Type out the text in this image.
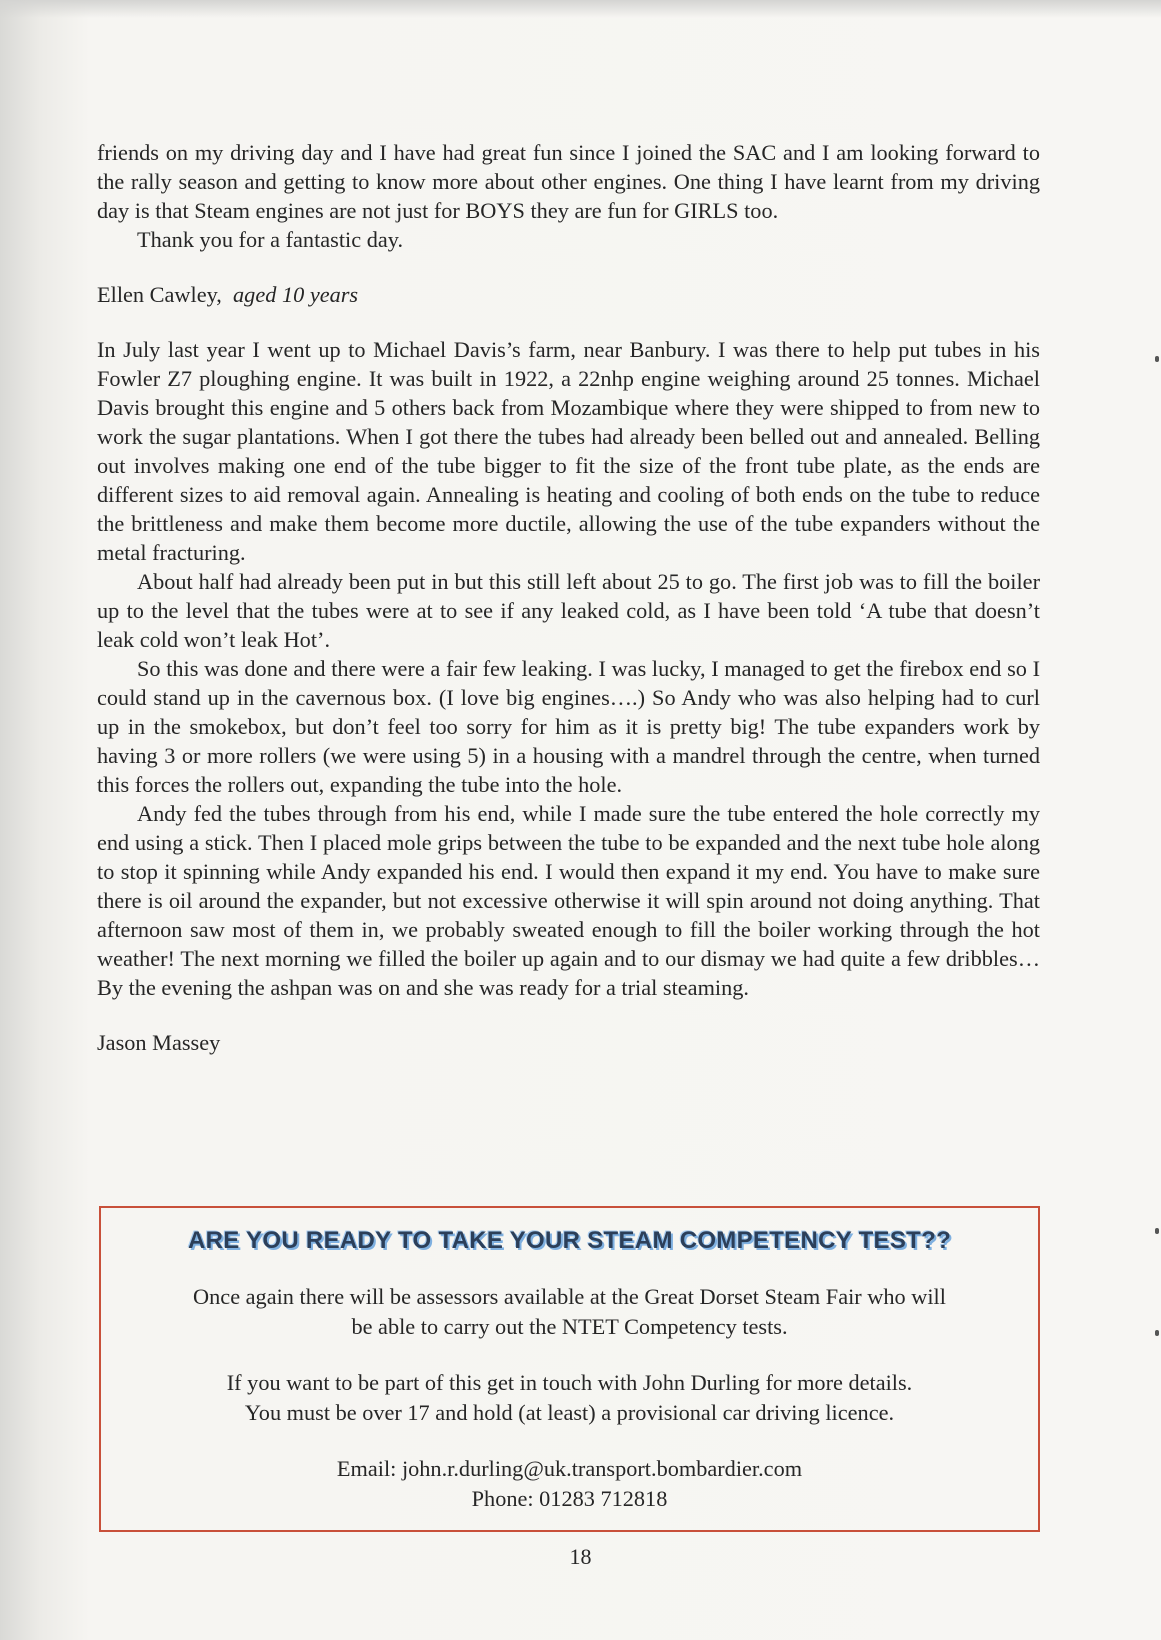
friends on my driving day and I have had great fun since I joined the SAC and I am looking forward to the rally season and getting to know more about other engines. One thing I have learnt from my driving day is that Steam engines are not just for BOYS they are fun for GIRLS too.

Thank you for a fantastic day.

Ellen Cawley, aged 10 years

In July last year I went up to Michael Davis’s farm, near Banbury. I was there to help put tubes in his Fowler Z7 ploughing engine. It was built in 1922, a 22nhp engine weighing around 25 tonnes. Michael Davis brought this engine and 5 others back from Mozambique where they were shipped to from new to work the sugar plantations. When I got there the tubes had already been belled out and annealed. Belling out involves making one end of the tube bigger to fit the size of the front tube plate, as the ends are different sizes to aid removal again. Annealing is heating and cooling of both ends on the tube to reduce the brittleness and make them become more ductile, allowing the use of the tube expanders without the metal fracturing.

About half had already been put in but this still left about 25 to go. The first job was to fill the boiler up to the level that the tubes were at to see if any leaked cold, as I have been told ‘A tube that doesn’t leak cold won’t leak Hot’.

So this was done and there were a fair few leaking. I was lucky, I managed to get the firebox end so I could stand up in the cavernous box. (I love big engines….) So Andy who was also helping had to curl up in the smokebox, but don’t feel too sorry for him as it is pretty big! The tube expanders work by having 3 or more rollers (we were using 5) in a housing with a mandrel through the centre, when turned this forces the rollers out, expanding the tube into the hole.

Andy fed the tubes through from his end, while I made sure the tube entered the hole correctly my end using a stick. Then I placed mole grips between the tube to be expanded and the next tube hole along to stop it spinning while Andy expanded his end. I would then expand it my end. You have to make sure there is oil around the expander, but not excessive otherwise it will spin around not doing anything. That afternoon saw most of them in, we probably sweated enough to fill the boiler working through the hot weather! The next morning we filled the boiler up again and to our dismay we had quite a few dribbles… By the evening the ashpan was on and she was ready for a trial steaming.

Jason Massey

ARE YOU READY TO TAKE YOUR STEAM COMPETENCY TEST??

Once again there will be assessors available at the Great Dorset Steam Fair who will

be able to carry out the NTET Competency tests.

If you want to be part of this get in touch with John Durling for more details.

You must be over 17 and hold (at least) a provisional car driving licence.

Email: john.r.durling@uk.transport.bombardier.com

Phone: 01283 712818

18
